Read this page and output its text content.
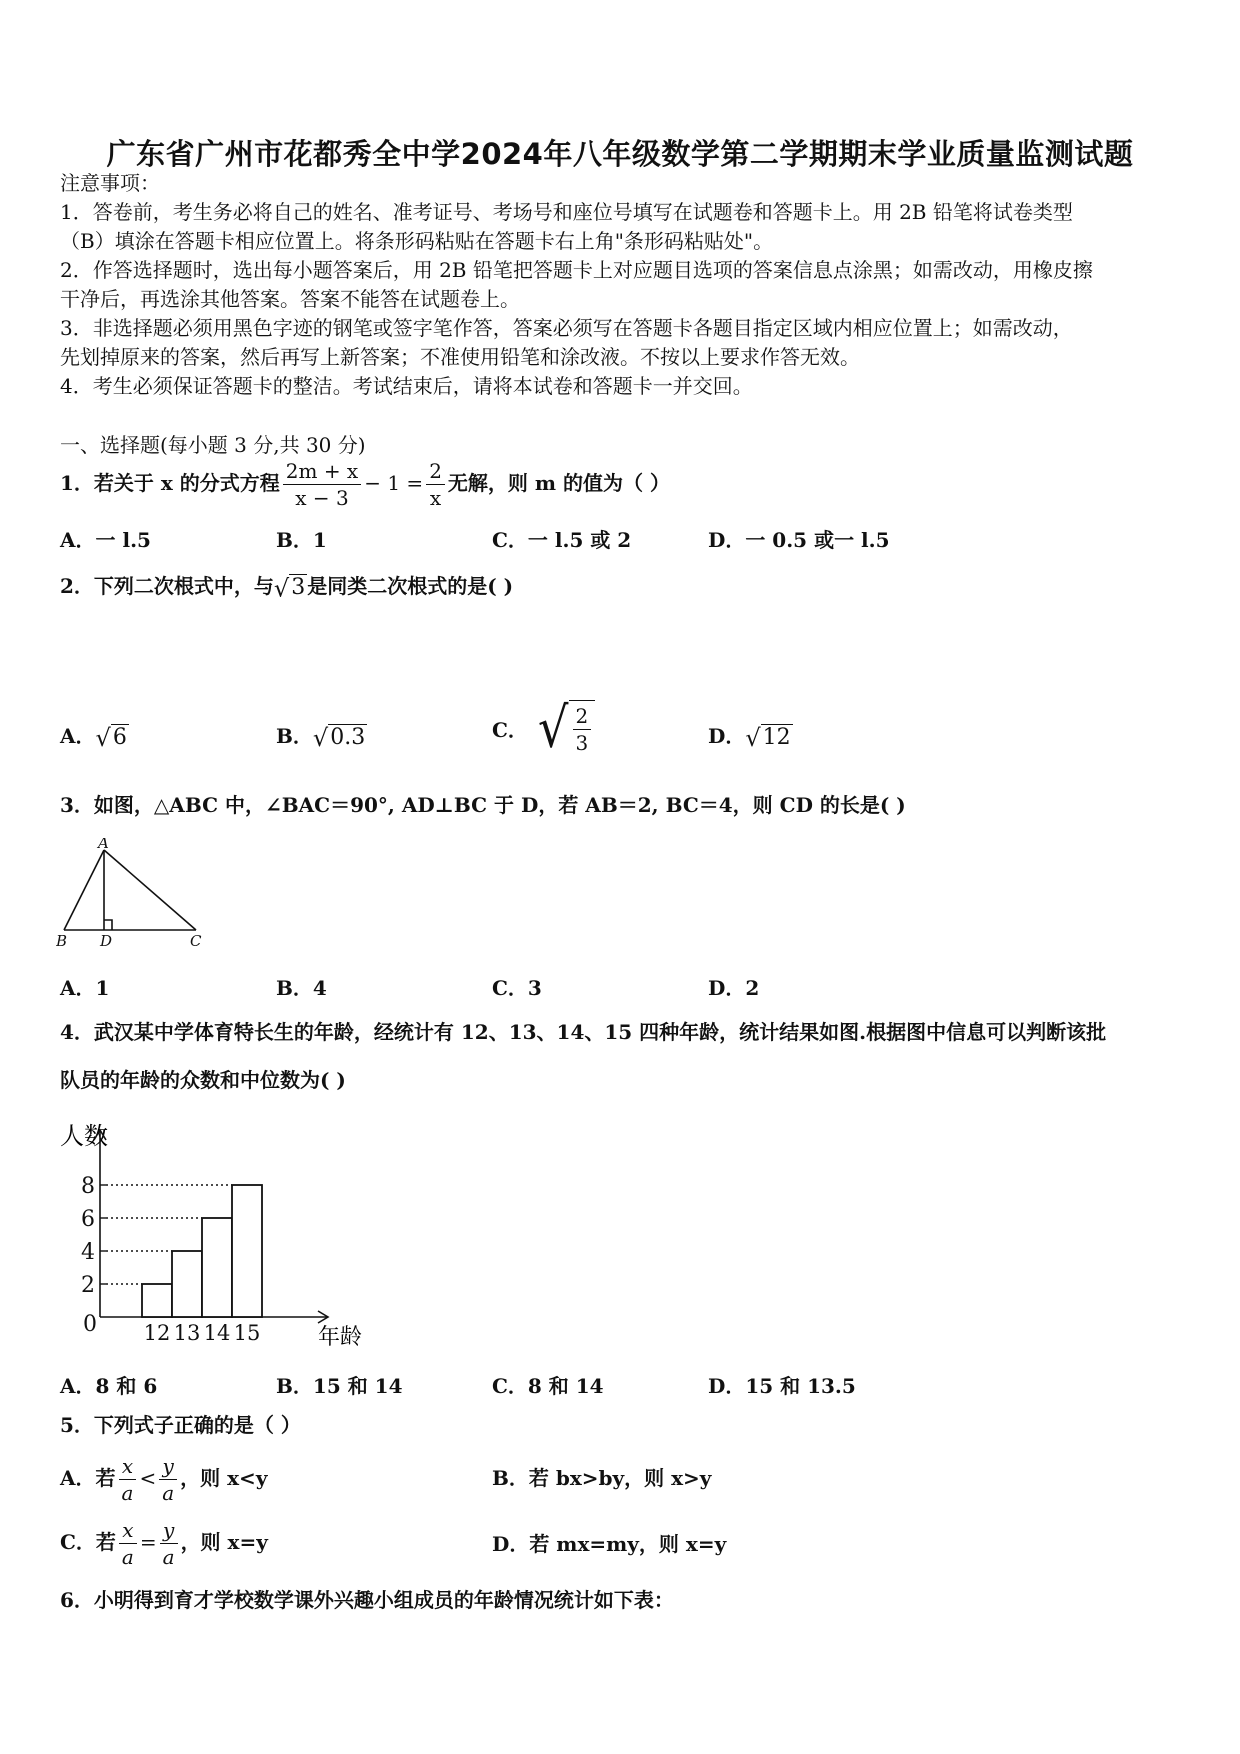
广东省广州市花都秀全中学2024年八年级数学第二学期期末学业质量监测试题
注意事项：
1．答卷前，考生务必将自己的姓名、准考证号、考场号和座位号填写在试题卷和答题卡上。用 2B 铅笔将试卷类型
（B）填涂在答题卡相应位置上。将条形码粘贴在答题卡右上角"条形码粘贴处"。
2．作答选择题时，选出每小题答案后，用 2B 铅笔把答题卡上对应题目选项的答案信息点涂黑；如需改动，用橡皮擦
干净后，再选涂其他答案。答案不能答在试题卷上。
3．非选择题必须用黑色字迹的钢笔或签字笔作答，答案必须写在答题卡各题目指定区域内相应位置上；如需改动，
先划掉原来的答案，然后再写上新答案；不准使用铅笔和涂改液。不按以上要求作答无效。
4．考生必须保证答题卡的整洁。考试结束后，请将本试卷和答题卡一并交回。
一、选择题(每小题 3 分,共 30 分)
1．若关于 x 的分式方程 $\frac{2m + x}{x - 3} - 1 = \frac{2}{x}$ 无解，则 m 的值为（ ）
A．一 l.5	B．1	C．一 l.5 或 2	D．一 0.5 或一 l.5
2．下列二次根式中，与√3 是同类二次根式的是( )
A．√6	B．√0.3	C． √ $\frac{2}{3}$	D．√12
3．如图，△ABC 中，∠BAC＝90°, AD⊥BC 于 D，若 AB＝2, BC＝4，则 CD 的长是( )
A
B	C
D
A．1	B．4	C．3	D．2
4．武汉某中学体育特长生的年龄，经统计有 12、13、14、15 四种年龄，统计结果如图.根据图中信息可以判断该批
队员的年龄的众数和中位数为( )
人数
年龄
0
2
4
6
8
12 13 14 15
A．8 和 6	B．15 和 14	C．8 和 14	D．15 和 13.5
5．下列式子正确的是（ ）
A．若 $\frac{x}{a} < \frac{y}{a}$ ，则 x<y	B．若 bx>by，则 x>y
C．若 $\frac{x}{a} = \frac{y}{a}$ ，则 x=y	D．若 mx=my，则 x=y
6．小明得到育才学校数学课外兴趣小组成员的年龄情况统计如下表：
